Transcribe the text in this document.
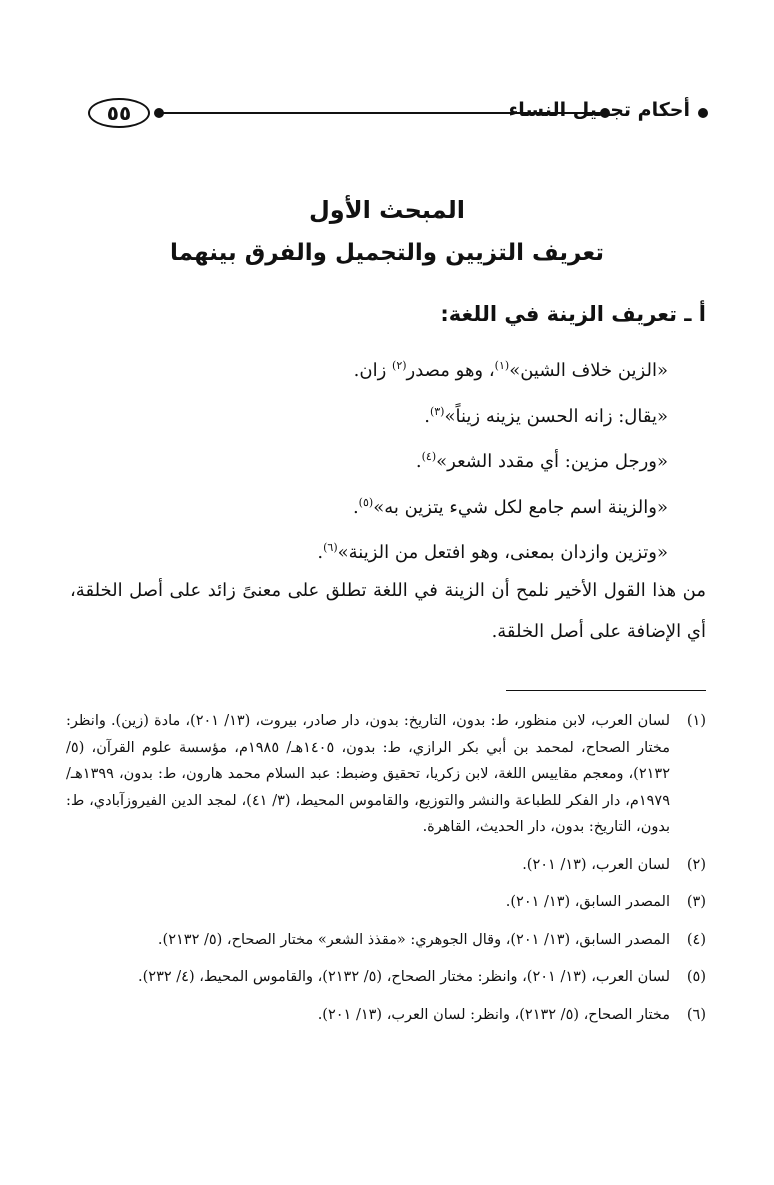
٥٥	أحكام تجميل النساء
المبحث الأول
تعريف التزيين والتجميل والفرق بينهما
أ ـ تعريف الزينة في اللغة:
«الزين خلاف الشين»$^{(١)}$، وهو مصدر$^{(٢)}$ زان.
«يقال: زانه الحسن يزينه زيناً»$^{(٣)}$.
«ورجل مزين: أي مقدد الشعر»$^{(٤)}$.
«والزينة اسم جامع لكل شيء يتزين به»$^{(٥)}$.
«وتزين وازدان بمعنى، وهو افتعل من الزينة»$^{(٦)}$.

من هذا القول الأخير نلمح أن الزينة في اللغة تطلق على معنىً زائد على أصل الخلقة، أي الإضافة على أصل الخلقة.

(١)
لسان العرب، لابن منظور، ط: بدون، التاريخ: بدون، دار صادر، بيروت، (١٣/ ٢٠١)، مادة (زين). وانظر: مختار الصحاح، لمحمد بن أبي بكر الرازي، ط: بدون، ١٤٠٥هـ/ ١٩٨٥م، مؤسسة علوم القرآن، (٥/ ٢١٣٢)، ومعجم مقاييس اللغة، لابن زكريا، تحقيق وضبط: عبد السلام محمد هارون، ط: بدون، ١٣٩٩هـ/ ١٩٧٩م، دار الفكر للطباعة والنشر والتوزيع، والقاموس المحيط، (٣/ ٤١)، لمجد الدين الفيروزآبادي، ط: بدون، التاريخ: بدون، دار الحديث، القاهرة.
(٢)
لسان العرب، (١٣/ ٢٠١).
(٣)
المصدر السابق، (١٣/ ٢٠١).
(٤)
المصدر السابق، (١٣/ ٢٠١)، وقال الجوهري: «مقذذ الشعر» مختار الصحاح، (٥/ ٢١٣٢).
(٥)
لسان العرب، (١٣/ ٢٠١)، وانظر: مختار الصحاح، (٥/ ٢١٣٢)، والقاموس المحيط، (٤/ ٢٣٢).
(٦)
مختار الصحاح، (٥/ ٢١٣٢)، وانظر: لسان العرب، (١٣/ ٢٠١).
